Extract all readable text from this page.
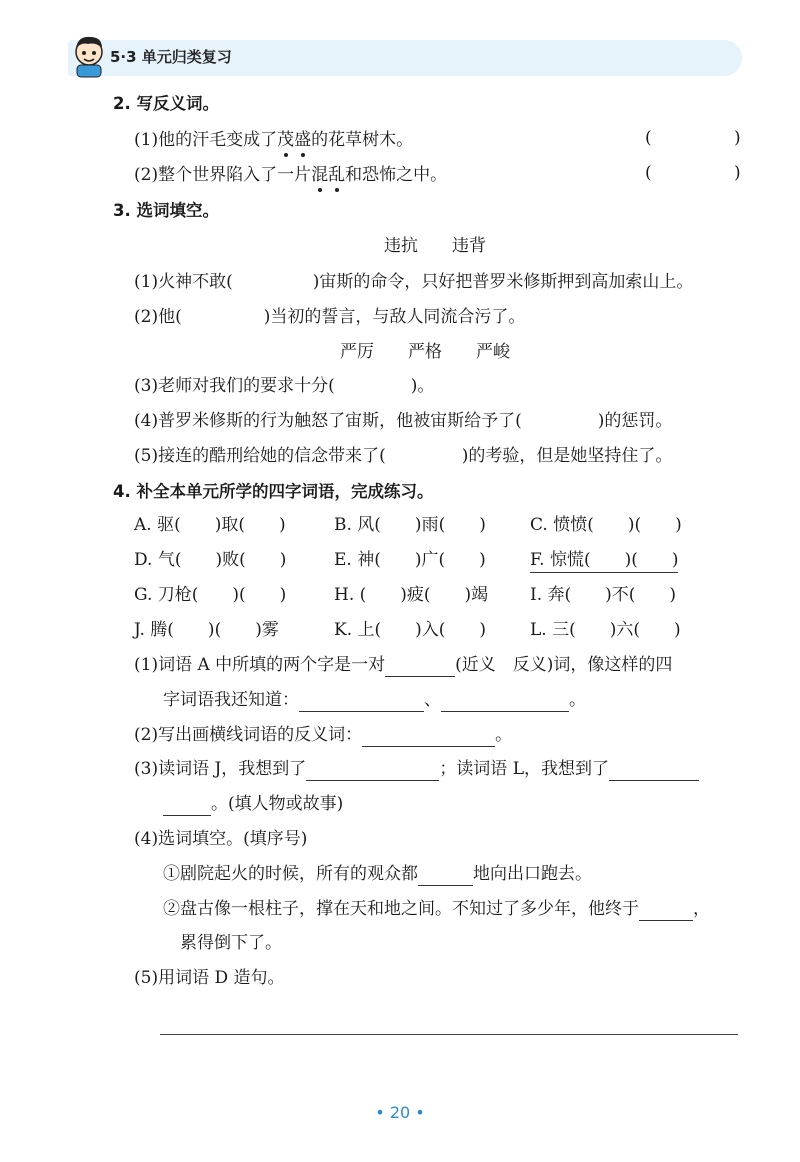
5·3 单元归类复习
2. 写反义词。
(1)他的汗毛变成了茂盛的花草树木。	(	)
(2)整个世界陷入了一片混乱和恐怖之中。	(	)
3. 选词填空。
违抗　　违背
(1)火神不敢(	)宙斯的命令，只好把普罗米修斯押到高加索山上。
(2)他(	)当初的誓言，与敌人同流合污了。
严厉　　严格　　严峻
(3)老师对我们的要求十分(	)。
(4)普罗米修斯的行为触怒了宙斯，他被宙斯给予了(	)的惩罚。
(5)接连的酷刑给她的信念带来了(	)的考验，但是她坚持住了。
4. 补全本单元所学的四字词语，完成练习。
A. 驱(　　)取(　　)	B. 风(　　)雨(　　)	C. 愤愤(　　)(　　)
D. 气(　　)败(　　)	E. 神(　　)广(　　)	F. 惊慌(　　)(　　)
G. 刀枪(　　)(　　)	H. (　　)疲(　　)竭 I. 奔(　　)不(　　)
J. 腾(　　)(　　)雾	K. 上(　　)入(　　)	L. 三(　　)六(　　)
(1)词语 A 中所填的两个字是一对	(近义　反义)词，像这样的四
字词语我还知道：	、	。
(2)写出画横线词语的反义词：	。
(3)读词语 J，我想到了	；读词语 L，我想到了
。(填人物或故事)
(4)选词填空。(填序号)
①剧院起火的时候，所有的观众都	地向出口跑去。
②盘古像一根柱子，撑在天和地之间。不知过了多少年，他终于	，
累得倒下了。
(5)用词语 D 造句。
• 20 •
